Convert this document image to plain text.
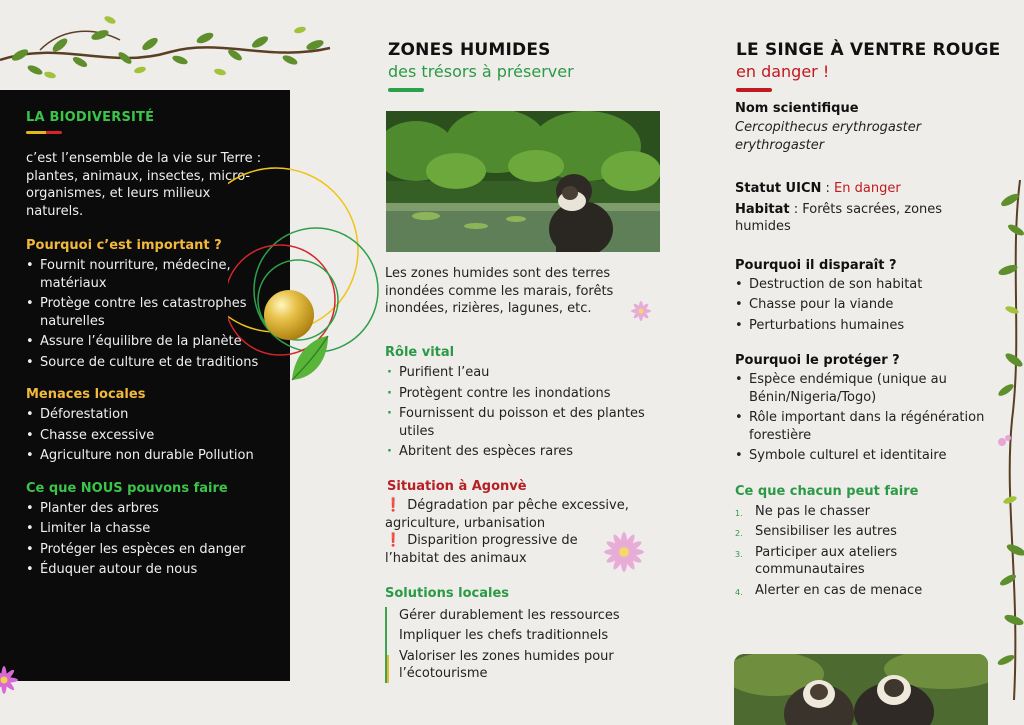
LA BIODIVERSITÉ
c’est l’ensemble de la vie sur Terre : plantes, animaux, insectes, micro-organismes, et leurs milieux naturels.
Pourquoi c’est important ?
• Fournit nourriture, médecine, matériaux
• Protège contre les catastrophes naturelles
• Assure l’équilibre de la planète
• Source de culture et de traditions
Menaces locales
• Déforestation
• Chasse excessive
• Agriculture non durable Pollution
Ce que NOUS pouvons faire
• Planter des arbres
• Limiter la chasse
• Protéger les espèces en danger
• Éduquer autour de nous
ZONES HUMIDES
des trésors à préserver
Les zones humides sont des terres inondées comme les marais, forêts inondées, rizières, lagunes, etc.
Rôle vital
· Purifient l’eau
· Protègent contre les inondations
· Fournissent du poisson et des plantes utiles
· Abritent des espèces rares
Situation à Agonvè
❗ Dégradation par pêche excessive, agriculture, urbanisation
❗ Disparition progressive de l’habitat des animaux
Solutions locales
Gérer durablement les ressources
Impliquer les chefs traditionnels
Valoriser les zones humides pour l’écotourisme
LE SINGE À VENTRE ROUGE
en danger !
Nom scientifique
Cercopithecus erythrogaster erythrogaster
Statut UICN : En danger
Habitat : Forêts sacrées, zones humides
Pourquoi il disparaît ?
• Destruction de son habitat
• Chasse pour la viande
• Perturbations humaines
Pourquoi le protéger ?
• Espèce endémique (unique au Bénin/Nigeria/Togo)
• Rôle important dans la régénération forestière
• Symbole culturel et identitaire
Ce que chacun peut faire
1. Ne pas le chasser
2. Sensibiliser les autres
3. Participer aux ateliers communautaires
4. Alerter en cas de menace
